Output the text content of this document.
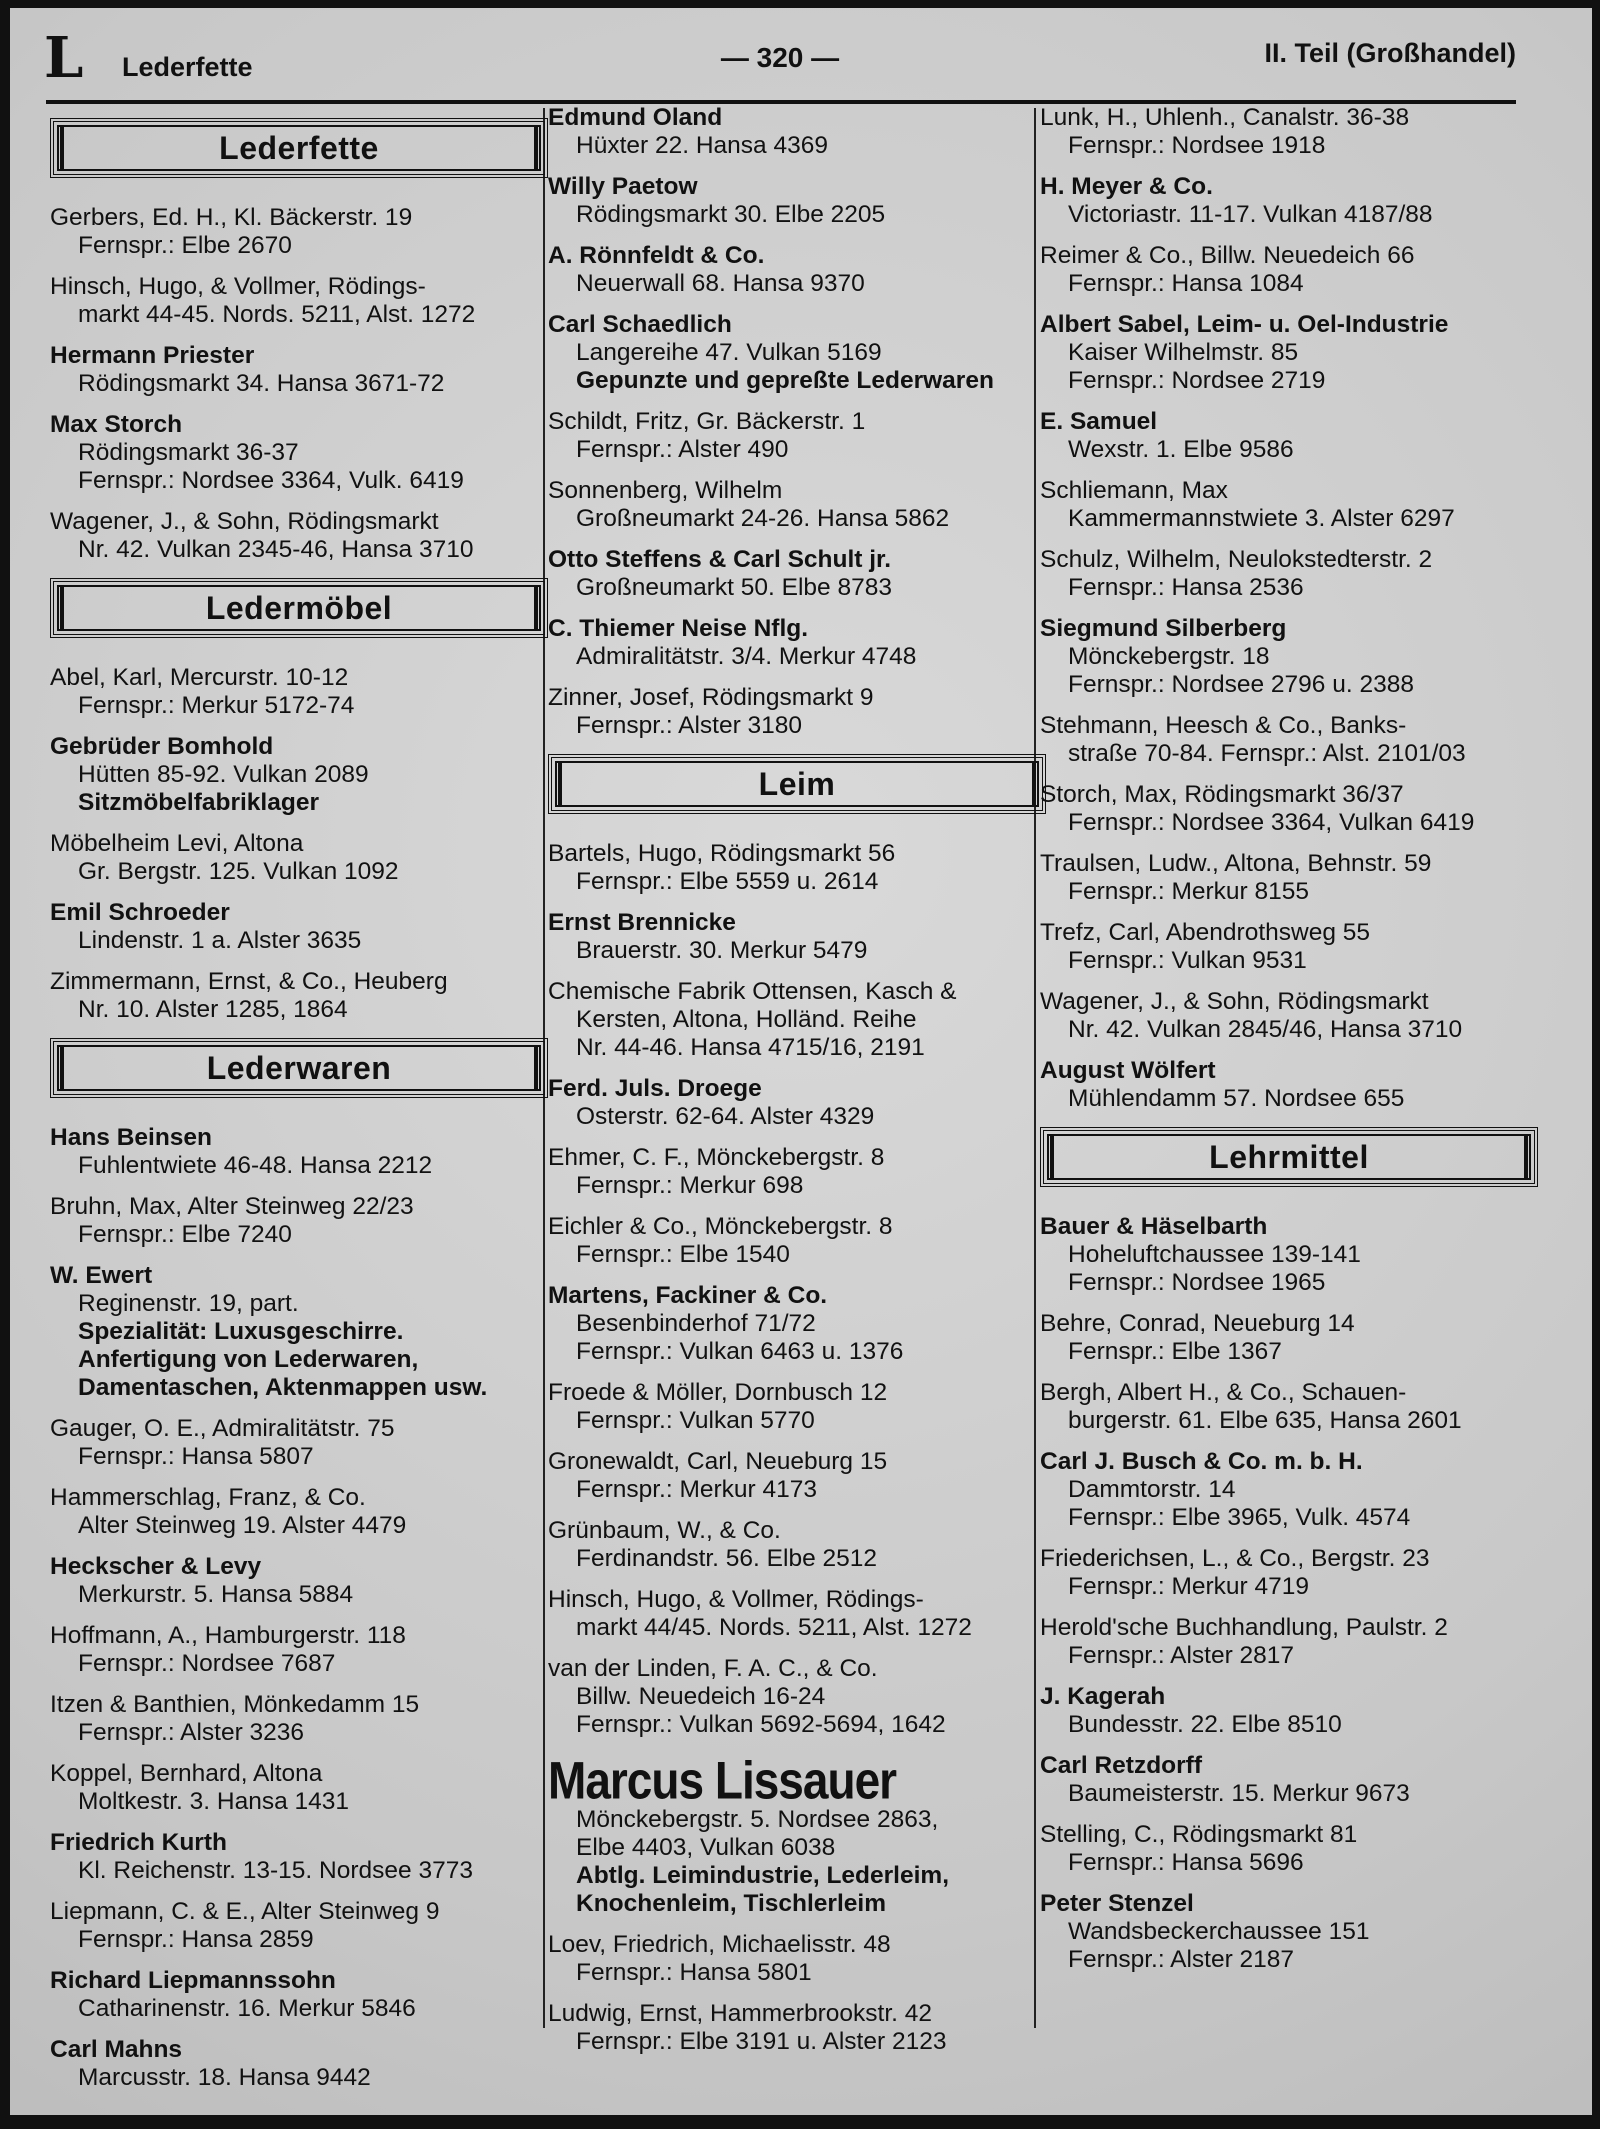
L Lederfette	— 320 —	II. Teil (Großhandel)
Lederfette
Gerbers, Ed. H., Kl. Bäckerstr. 19
Fernspr.: Elbe 2670
Hinsch, Hugo, & Vollmer, Rödings-
markt 44-45. Nords. 5211, Alst. 1272
Hermann Priester
Rödingsmarkt 34. Hansa 3671-72
Max Storch
Rödingsmarkt 36-37
Fernspr.: Nordsee 3364, Vulk. 6419
Wagener, J., & Sohn, Rödingsmarkt
Nr. 42. Vulkan 2345-46, Hansa 3710
Ledermöbel
Abel, Karl, Mercurstr. 10-12
Fernspr.: Merkur 5172-74
Gebrüder Bomhold
Hütten 85-92. Vulkan 2089
Sitzmöbelfabriklager
Möbelheim Levi, Altona
Gr. Bergstr. 125. Vulkan 1092
Emil Schroeder
Lindenstr. 1 a. Alster 3635
Zimmermann, Ernst, & Co., Heuberg
Nr. 10. Alster 1285, 1864
Lederwaren
Hans Beinsen
Fuhlentwiete 46-48. Hansa 2212
Bruhn, Max, Alter Steinweg 22/23
Fernspr.: Elbe 7240
W. Ewert
Reginenstr. 19, part.
Spezialität: Luxusgeschirre.
Anfertigung von Lederwaren,
Damentaschen, Aktenmappen usw.
Gauger, O. E., Admiralitätstr. 75
Fernspr.: Hansa 5807
Hammerschlag, Franz, & Co.
Alter Steinweg 19. Alster 4479
Heckscher & Levy
Merkurstr. 5. Hansa 5884
Hoffmann, A., Hamburgerstr. 118
Fernspr.: Nordsee 7687
Itzen & Banthien, Mönkedamm 15
Fernspr.: Alster 3236
Koppel, Bernhard, Altona
Moltkestr. 3. Hansa 1431
Friedrich Kurth
Kl. Reichenstr. 13-15. Nordsee 3773
Liepmann, C. & E., Alter Steinweg 9
Fernspr.: Hansa 2859
Richard Liepmannssohn
Catharinenstr. 16. Merkur 5846
Carl Mahns
Marcusstr. 18. Hansa 9442
Edmund Oland
Hüxter 22. Hansa 4369
Willy Paetow
Rödingsmarkt 30. Elbe 2205
A. Rönnfeldt & Co.
Neuerwall 68. Hansa 9370
Carl Schaedlich
Langereihe 47. Vulkan 5169
Gepunzte und gepreßte Lederwaren
Schildt, Fritz, Gr. Bäckerstr. 1
Fernspr.: Alster 490
Sonnenberg, Wilhelm
Großneumarkt 24-26. Hansa 5862
Otto Steffens & Carl Schult jr.
Großneumarkt 50. Elbe 8783
C. Thiemer Neise Nflg.
Admiralitätstr. 3/4. Merkur 4748
Zinner, Josef, Rödingsmarkt 9
Fernspr.: Alster 3180
Leim
Bartels, Hugo, Rödingsmarkt 56
Fernspr.: Elbe 5559 u. 2614
Ernst Brennicke
Brauerstr. 30. Merkur 5479
Chemische Fabrik Ottensen, Kasch &
Kersten, Altona, Holländ. Reihe
Nr. 44-46. Hansa 4715/16, 2191
Ferd. Juls. Droege
Osterstr. 62-64. Alster 4329
Ehmer, C. F., Mönckebergstr. 8
Fernspr.: Merkur 698
Eichler & Co., Mönckebergstr. 8
Fernspr.: Elbe 1540
Martens, Fackiner & Co.
Besenbinderhof 71/72
Fernspr.: Vulkan 6463 u. 1376
Froede & Möller, Dornbusch 12
Fernspr.: Vulkan 5770
Gronewaldt, Carl, Neueburg 15
Fernspr.: Merkur 4173
Grünbaum, W., & Co.
Ferdinandstr. 56. Elbe 2512
Hinsch, Hugo, & Vollmer, Rödings-
markt 44/45. Nords. 5211, Alst. 1272
van der Linden, F. A. C., & Co.
Billw. Neuedeich 16-24
Fernspr.: Vulkan 5692-5694, 1642
Marcus Lissauer
Mönckebergstr. 5. Nordsee 2863,
Elbe 4403, Vulkan 6038
Abtlg. Leimindustrie, Lederleim,
Knochenleim, Tischlerleim
Loev, Friedrich, Michaelisstr. 48
Fernspr.: Hansa 5801
Ludwig, Ernst, Hammerbrookstr. 42
Fernspr.: Elbe 3191 u. Alster 2123
Lunk, H., Uhlenh., Canalstr. 36-38
Fernspr.: Nordsee 1918
H. Meyer & Co.
Victoriastr. 11-17. Vulkan 4187/88
Reimer & Co., Billw. Neuedeich 66
Fernspr.: Hansa 1084
Albert Sabel, Leim- u. Oel-Industrie
Kaiser Wilhelmstr. 85
Fernspr.: Nordsee 2719
E. Samuel
Wexstr. 1. Elbe 9586
Schliemann, Max
Kammermannstwiete 3. Alster 6297
Schulz, Wilhelm, Neulokstedterstr. 2
Fernspr.: Hansa 2536
Siegmund Silberberg
Mönckebergstr. 18
Fernspr.: Nordsee 2796 u. 2388
Stehmann, Heesch & Co., Banks-
straße 70-84. Fernspr.: Alst. 2101/03
Storch, Max, Rödingsmarkt 36/37
Fernspr.: Nordsee 3364, Vulkan 6419
Traulsen, Ludw., Altona, Behnstr. 59
Fernspr.: Merkur 8155
Trefz, Carl, Abendrothsweg 55
Fernspr.: Vulkan 9531
Wagener, J., & Sohn, Rödingsmarkt
Nr. 42. Vulkan 2845/46, Hansa 3710
August Wölfert
Mühlendamm 57. Nordsee 655
Lehrmittel
Bauer & Häselbarth
Hoheluftchaussee 139-141
Fernspr.: Nordsee 1965
Behre, Conrad, Neueburg 14
Fernspr.: Elbe 1367
Bergh, Albert H., & Co., Schauen-
burgerstr. 61. Elbe 635, Hansa 2601
Carl J. Busch & Co. m. b. H.
Dammtorstr. 14
Fernspr.: Elbe 3965, Vulk. 4574
Friederichsen, L., & Co., Bergstr. 23
Fernspr.: Merkur 4719
Herold'sche Buchhandlung, Paulstr. 2
Fernspr.: Alster 2817
J. Kagerah
Bundesstr. 22. Elbe 8510
Carl Retzdorff
Baumeisterstr. 15. Merkur 9673
Stelling, C., Rödingsmarkt 81
Fernspr.: Hansa 5696
Peter Stenzel
Wandsbeckerchaussee 151
Fernspr.: Alster 2187
